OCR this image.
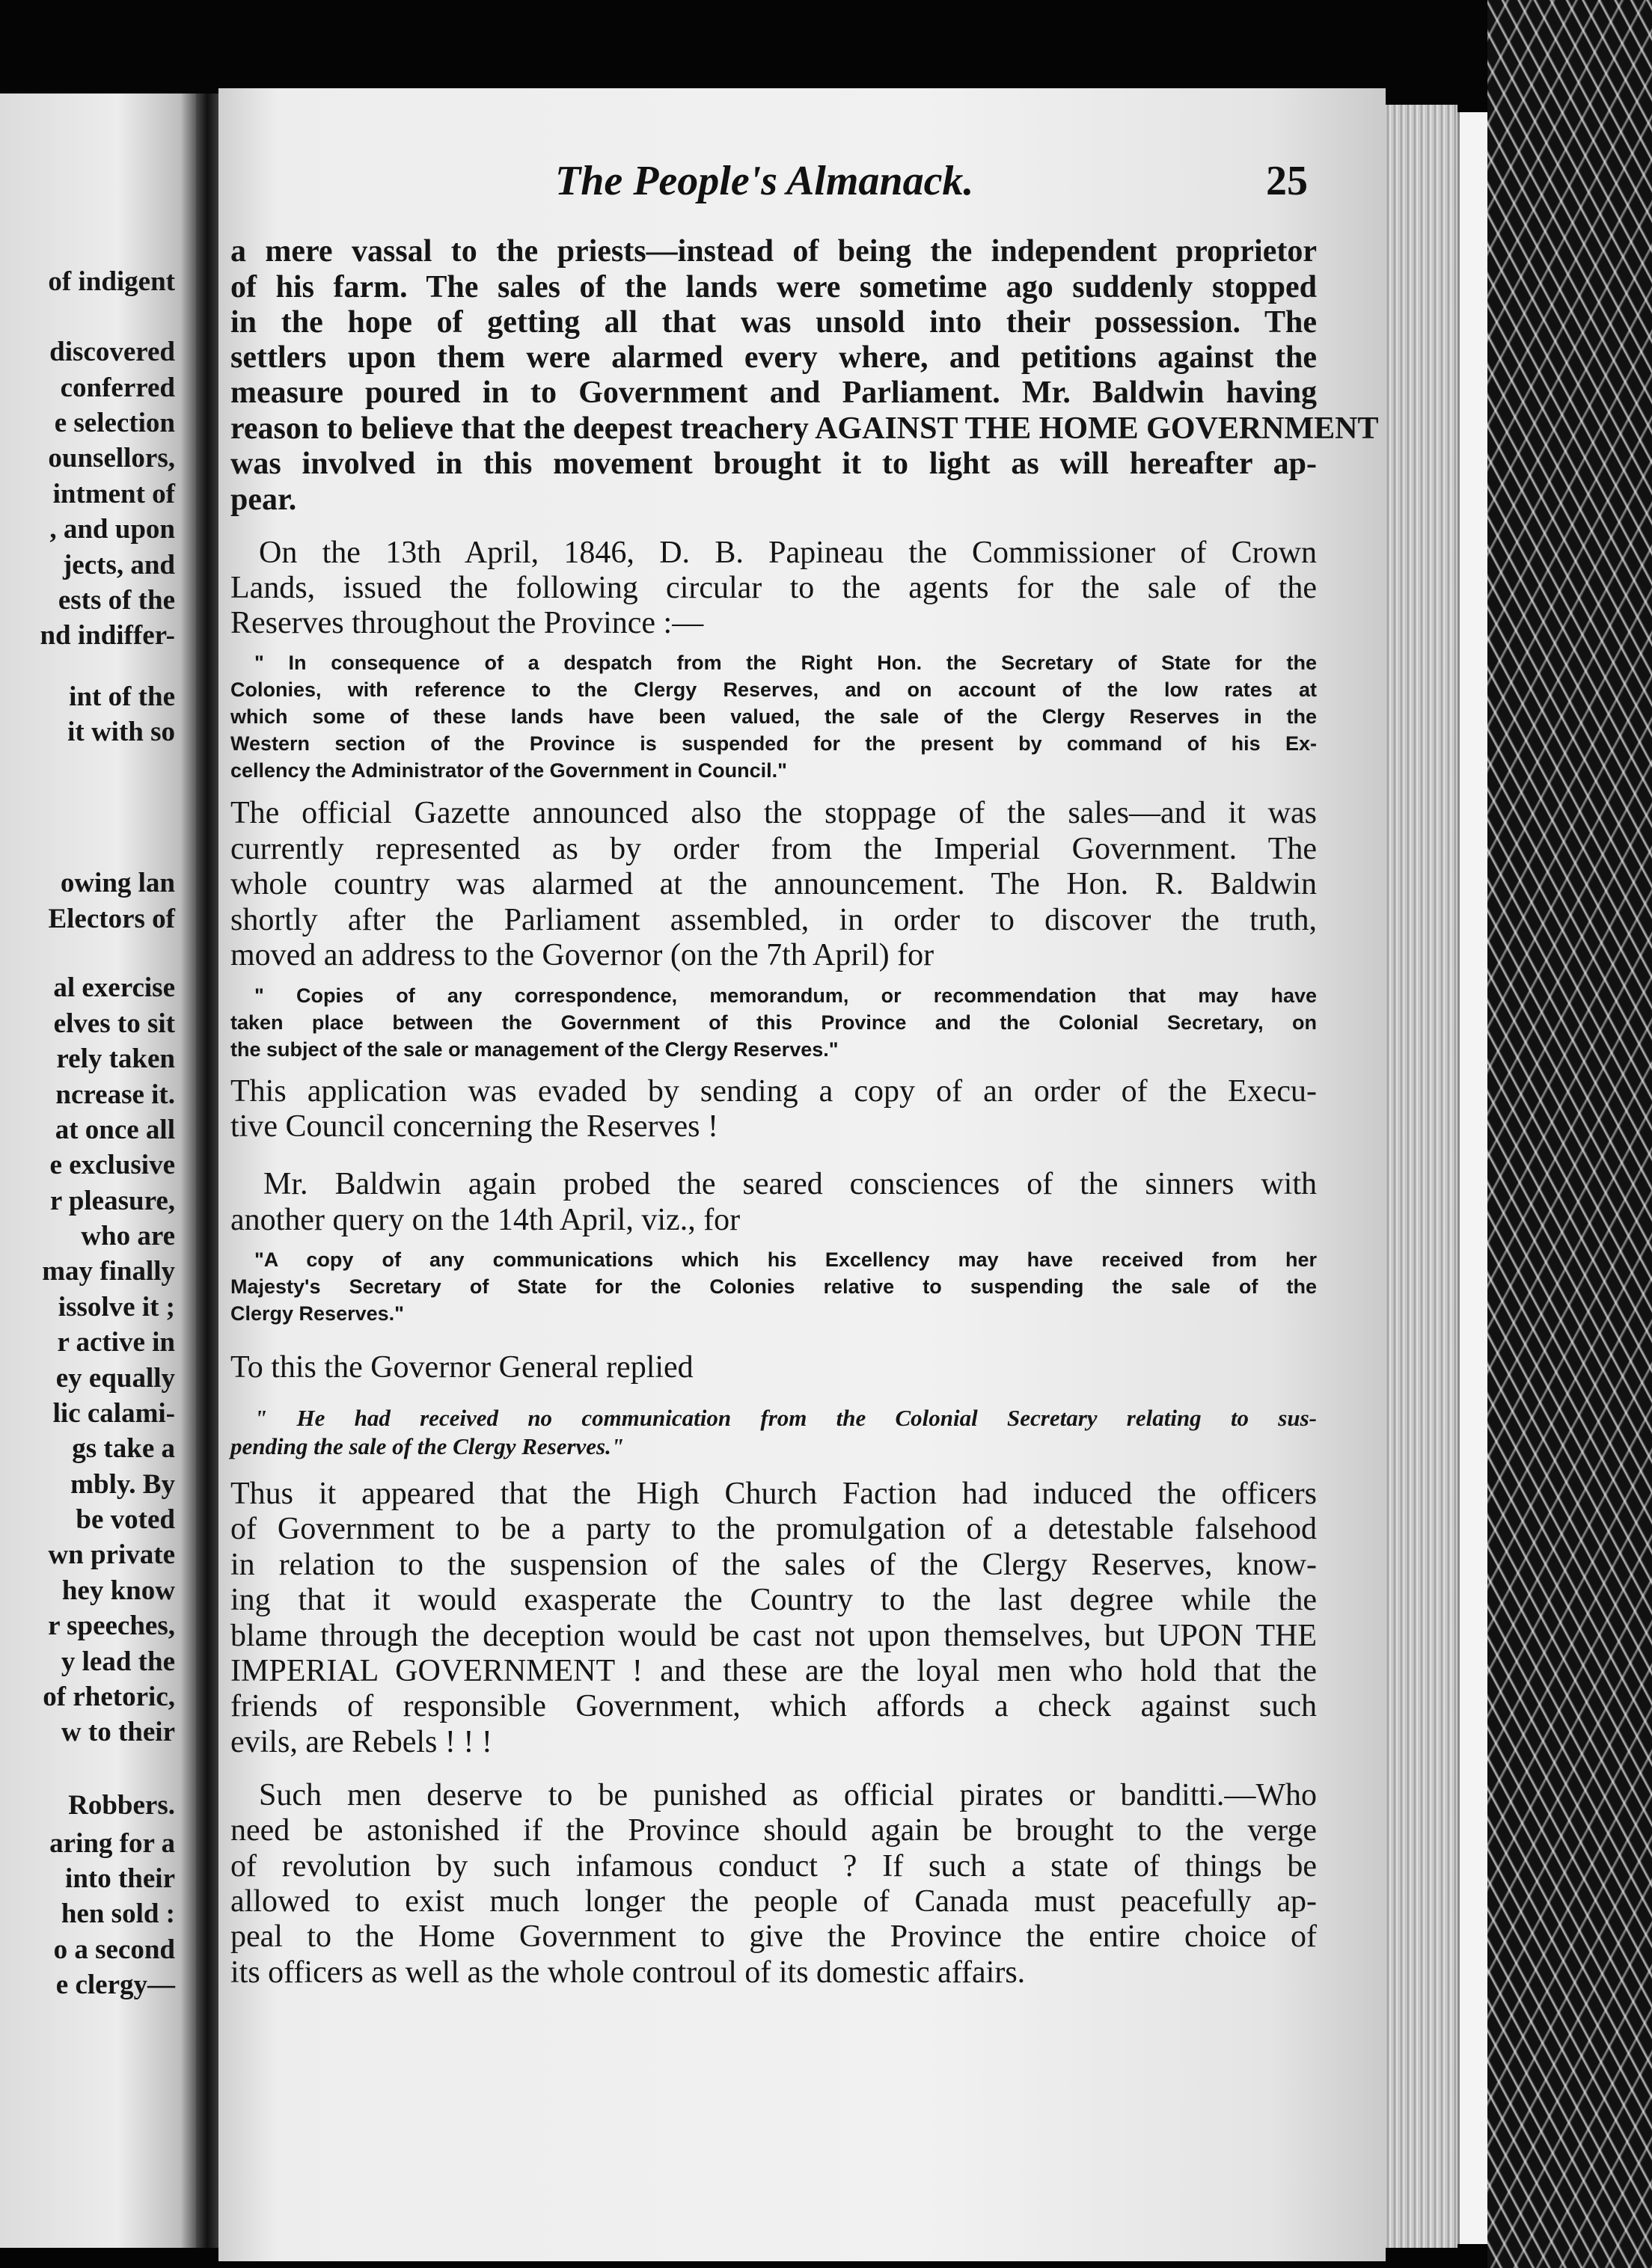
of indigent
discovered
conferred
e selection
ounsellors,
intment of
, and upon
jects, and
ests of the
nd indiffer-
int of the
it with so
owing lan
Electors of
al exercise
elves to sit
rely taken
ncrease it.
at once all
e exclusive
r pleasure,
who are
may finally
issolve it ;
r active in
ey equally
lic calami-
gs take a
mbly. By
be voted
wn private
hey know
r speeches,
y lead the
of rhetoric,
w to their
Robbers.
aring for a
into their
hen sold :
o a second
e clergy—
The People's Almanack.	25
a mere vassal to the priests—instead of being the independent proprietor
of his farm. The sales of the lands were sometime ago suddenly stopped
in the hope of getting all that was unsold into their possession. The
settlers upon them were alarmed every where, and petitions against the
measure poured in to Government and Parliament. Mr. Baldwin having
reason to believe that the deepest treachery AGAINST THE HOME GOVERNMENT
was involved in this movement brought it to light as will hereafter ap-
pear.
On the 13th April, 1846, D. B. Papineau the Commissioner of Crown
Lands, issued the following circular to the agents for the sale of the
Reserves throughout the Province :—
" In consequence of a despatch from the Right Hon. the Secretary of State for the
Colonies, with reference to the Clergy Reserves, and on account of the low rates at
which some of these lands have been valued, the sale of the Clergy Reserves in the
Western section of the Province is suspended for the present by command of his Ex-
cellency the Administrator of the Government in Council."
The official Gazette announced also the stoppage of the sales—and it was
currently represented as by order from the Imperial Government. The
whole country was alarmed at the announcement. The Hon. R. Baldwin
shortly after the Parliament assembled, in order to discover the truth,
moved an address to the Governor (on the 7th April) for
" Copies of any correspondence, memorandum, or recommendation that may have
taken place between the Government of this Province and the Colonial Secretary, on
the subject of the sale or management of the Clergy Reserves."
This application was evaded by sending a copy of an order of the Execu-
tive Council concerning the Reserves !
Mr. Baldwin again probed the seared consciences of the sinners with
another query on the 14th April, viz., for
"A copy of any communications which his Excellency may have received from her
Majesty's Secretary of State for the Colonies relative to suspending the sale of the
Clergy Reserves."
To this the Governor General replied
" He had received no communication from the Colonial Secretary relating to sus-
pending the sale of the Clergy Reserves."
Thus it appeared that the High Church Faction had induced the officers
of Government to be a party to the promulgation of a detestable falsehood
in relation to the suspension of the sales of the Clergy Reserves, know-
ing that it would exasperate the Country to the last degree while the
blame through the deception would be cast not upon themselves, but UPON THE
IMPERIAL GOVERNMENT ! and these are the loyal men who hold that the
friends of responsible Government, which affords a check against such
evils, are Rebels ! ! !
Such men deserve to be punished as official pirates or banditti.—Who
need be astonished if the Province should again be brought to the verge
of revolution by such infamous conduct ? If such a state of things be
allowed to exist much longer the people of Canada must peacefully ap-
peal to the Home Government to give the Province the entire choice of
its officers as well as the whole controul of its domestic affairs.
